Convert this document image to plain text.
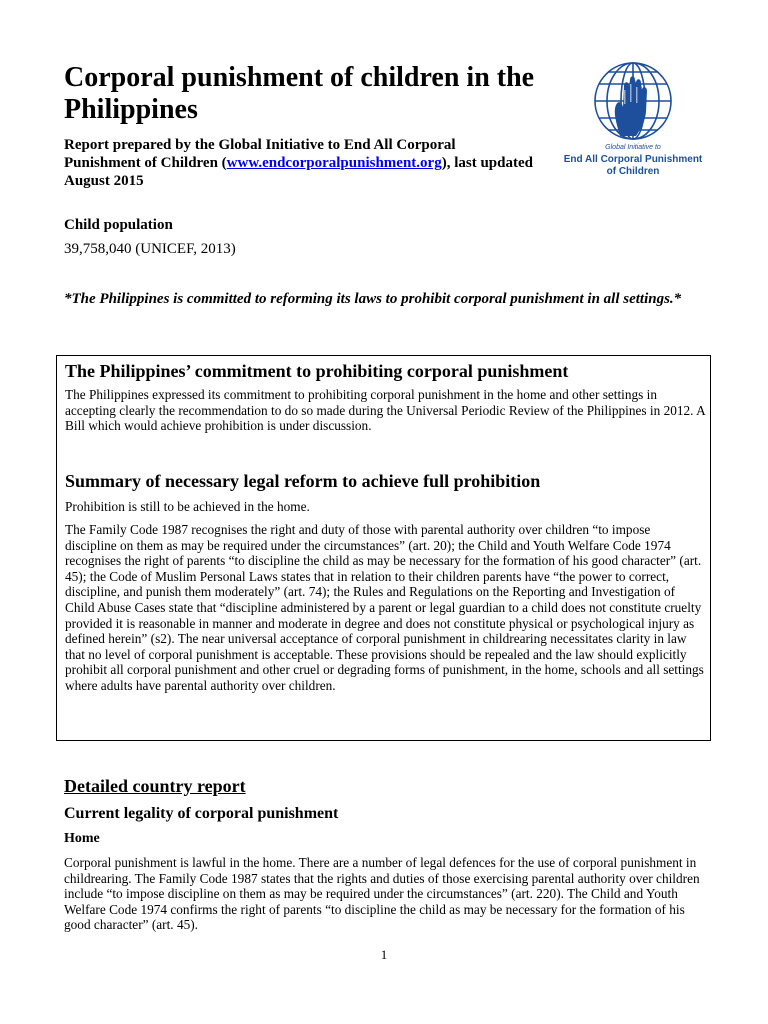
Corporal punishment of children in the Philippines

Report prepared by the Global Initiative to End All Corporal Punishment of Children (www.endcorporalpunishment.org), last updated August 2015

Global Initiative to
End All Corporal Punishment
of Children

Child population

39,758,040 (UNICEF, 2013)

*The Philippines is committed to reforming its laws to prohibit corporal punishment in all settings.*

The Philippines’ commitment to prohibiting corporal punishment

The Philippines expressed its commitment to prohibiting corporal punishment in the home and other settings in accepting clearly the recommendation to do so made during the Universal Periodic Review of the Philippines in 2012. A Bill which would achieve prohibition is under discussion.

Summary of necessary legal reform to achieve full prohibition

Prohibition is still to be achieved in the home.

The Family Code 1987 recognises the right and duty of those with parental authority over children “to impose discipline on them as may be required under the circumstances” (art. 20); the Child and Youth Welfare Code 1974 recognises the right of parents “to discipline the child as may be necessary for the formation of his good character” (art. 45); the Code of Muslim Personal Laws states that in relation to their children parents have “the power to correct, discipline, and punish them moderately” (art. 74); the Rules and Regulations on the Reporting and Investigation of Child Abuse Cases state that “discipline administered by a parent or legal guardian to a child does not constitute cruelty provided it is reasonable in manner and moderate in degree and does not constitute physical or psychological injury as defined herein” (s2). The near universal acceptance of corporal punishment in childrearing necessitates clarity in law that no level of corporal punishment is acceptable. These provisions should be repealed and the law should explicitly prohibit all corporal punishment and other cruel or degrading forms of punishment, in the home, schools and all settings where adults have parental authority over children.

Detailed country report
Current legality of corporal punishment
Home

Corporal punishment is lawful in the home. There are a number of legal defences for the use of corporal punishment in childrearing. The Family Code 1987 states that the rights and duties of those exercising parental authority over children include “to impose discipline on them as may be required under the circumstances” (art. 220). The Child and Youth Welfare Code 1974 confirms the right of parents “to discipline the child as may be necessary for the formation of his good character” (art. 45).

1
